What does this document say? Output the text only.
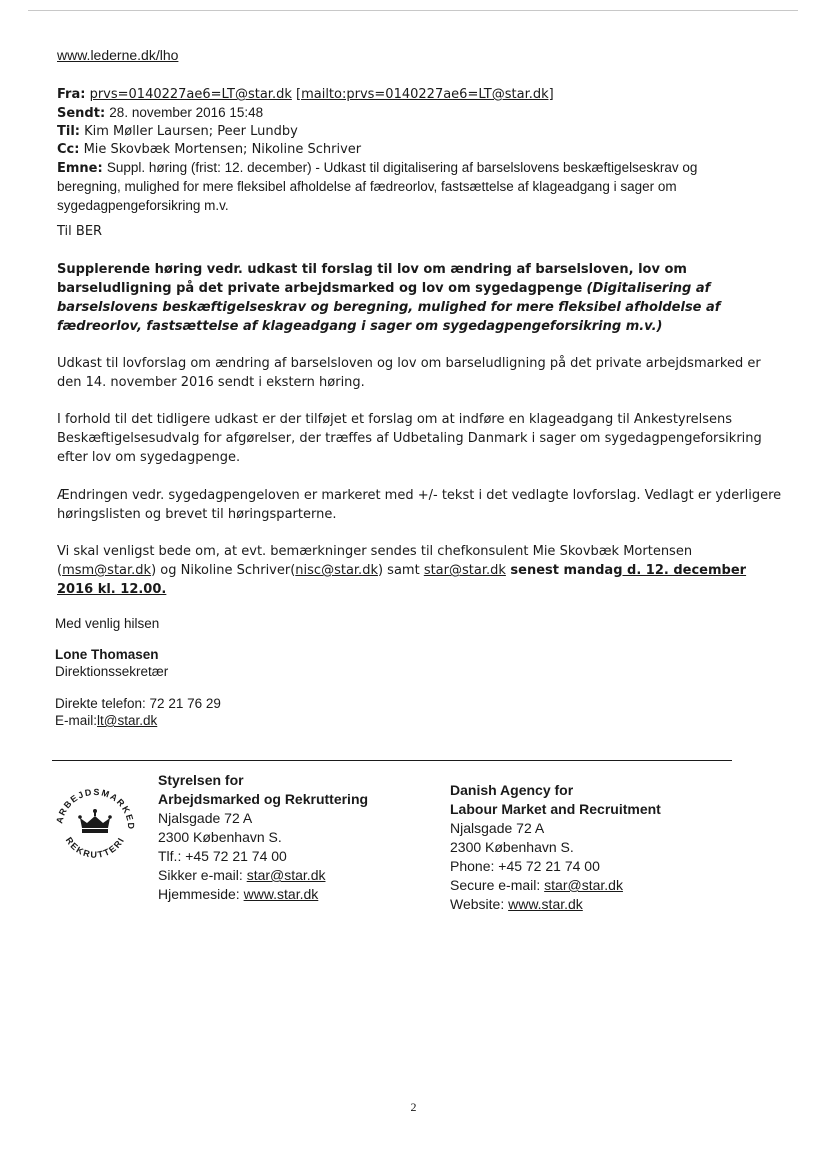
www.lederne.dk/lho
Fra: prvs=0140227ae6=LT@star.dk [mailto:prvs=0140227ae6=LT@star.dk]
Sendt: 28. november 2016 15:48
Til: Kim Møller Laursen; Peer Lundby
Cc: Mie Skovbæk Mortensen; Nikoline Schriver
Emne: Suppl. høring (frist: 12. december) - Udkast til digitalisering af barselslovens beskæftigelseskrav og beregning, mulighed for mere fleksibel afholdelse af fædreorlov, fastsættelse af klageadgang i sager om sygedagpengeforsikring m.v.

Til BER

Supplerende høring vedr. udkast til forslag til lov om ændring af barselsloven, lov om barseludligning på det private arbejdsmarked og lov om sygedagpenge (Digitalisering af barselslovens beskæftigelseskrav og beregning, mulighed for mere fleksibel afholdelse af fædreorlov, fastsættelse af klageadgang i sager om sygedagpengeforsikring m.v.)

Udkast til lovforslag om ændring af barselsloven og lov om barseludligning på det private arbejdsmarked er den 14. november 2016 sendt i ekstern høring.

I forhold til det tidligere udkast er der tilføjet et forslag om at indføre en klageadgang til Ankestyrelsens Beskæftigelsesudvalg for afgørelser, der træffes af Udbetaling Danmark i sager om sygedagpengeforsikring efter lov om sygedagpenge.

Ændringen vedr. sygedagpengeloven er markeret med +/- tekst i det vedlagte lovforslag. Vedlagt er yderligere høringslisten og brevet til høringsparterne.

Vi skal venligst bede om, at evt. bemærkninger sendes til chefkonsulent Mie Skovbæk Mortensen (msm@star.dk) og Nikoline Schriver(nisc@star.dk) samt star@star.dk senest mandag d. 12. december 2016 kl. 12.00.

Med venlig hilsen
Lone Thomasen
Direktionssekretær
Direkte telefon: 72 21 76 29
E-mail:lt@star.dk
ARBEJDSMARKED
REKRUTTERI
Styrelsen for
Arbejdsmarked og Rekruttering
Njalsgade 72 A
2300 København S.
Tlf.: +45 72 21 74 00
Sikker e-mail: star@star.dk
Hjemmeside: www.star.dk
Danish Agency for
Labour Market and Recruitment
Njalsgade 72 A
2300 København S.
Phone: +45 72 21 74 00
Secure e-mail: star@star.dk
Website: www.star.dk
2
